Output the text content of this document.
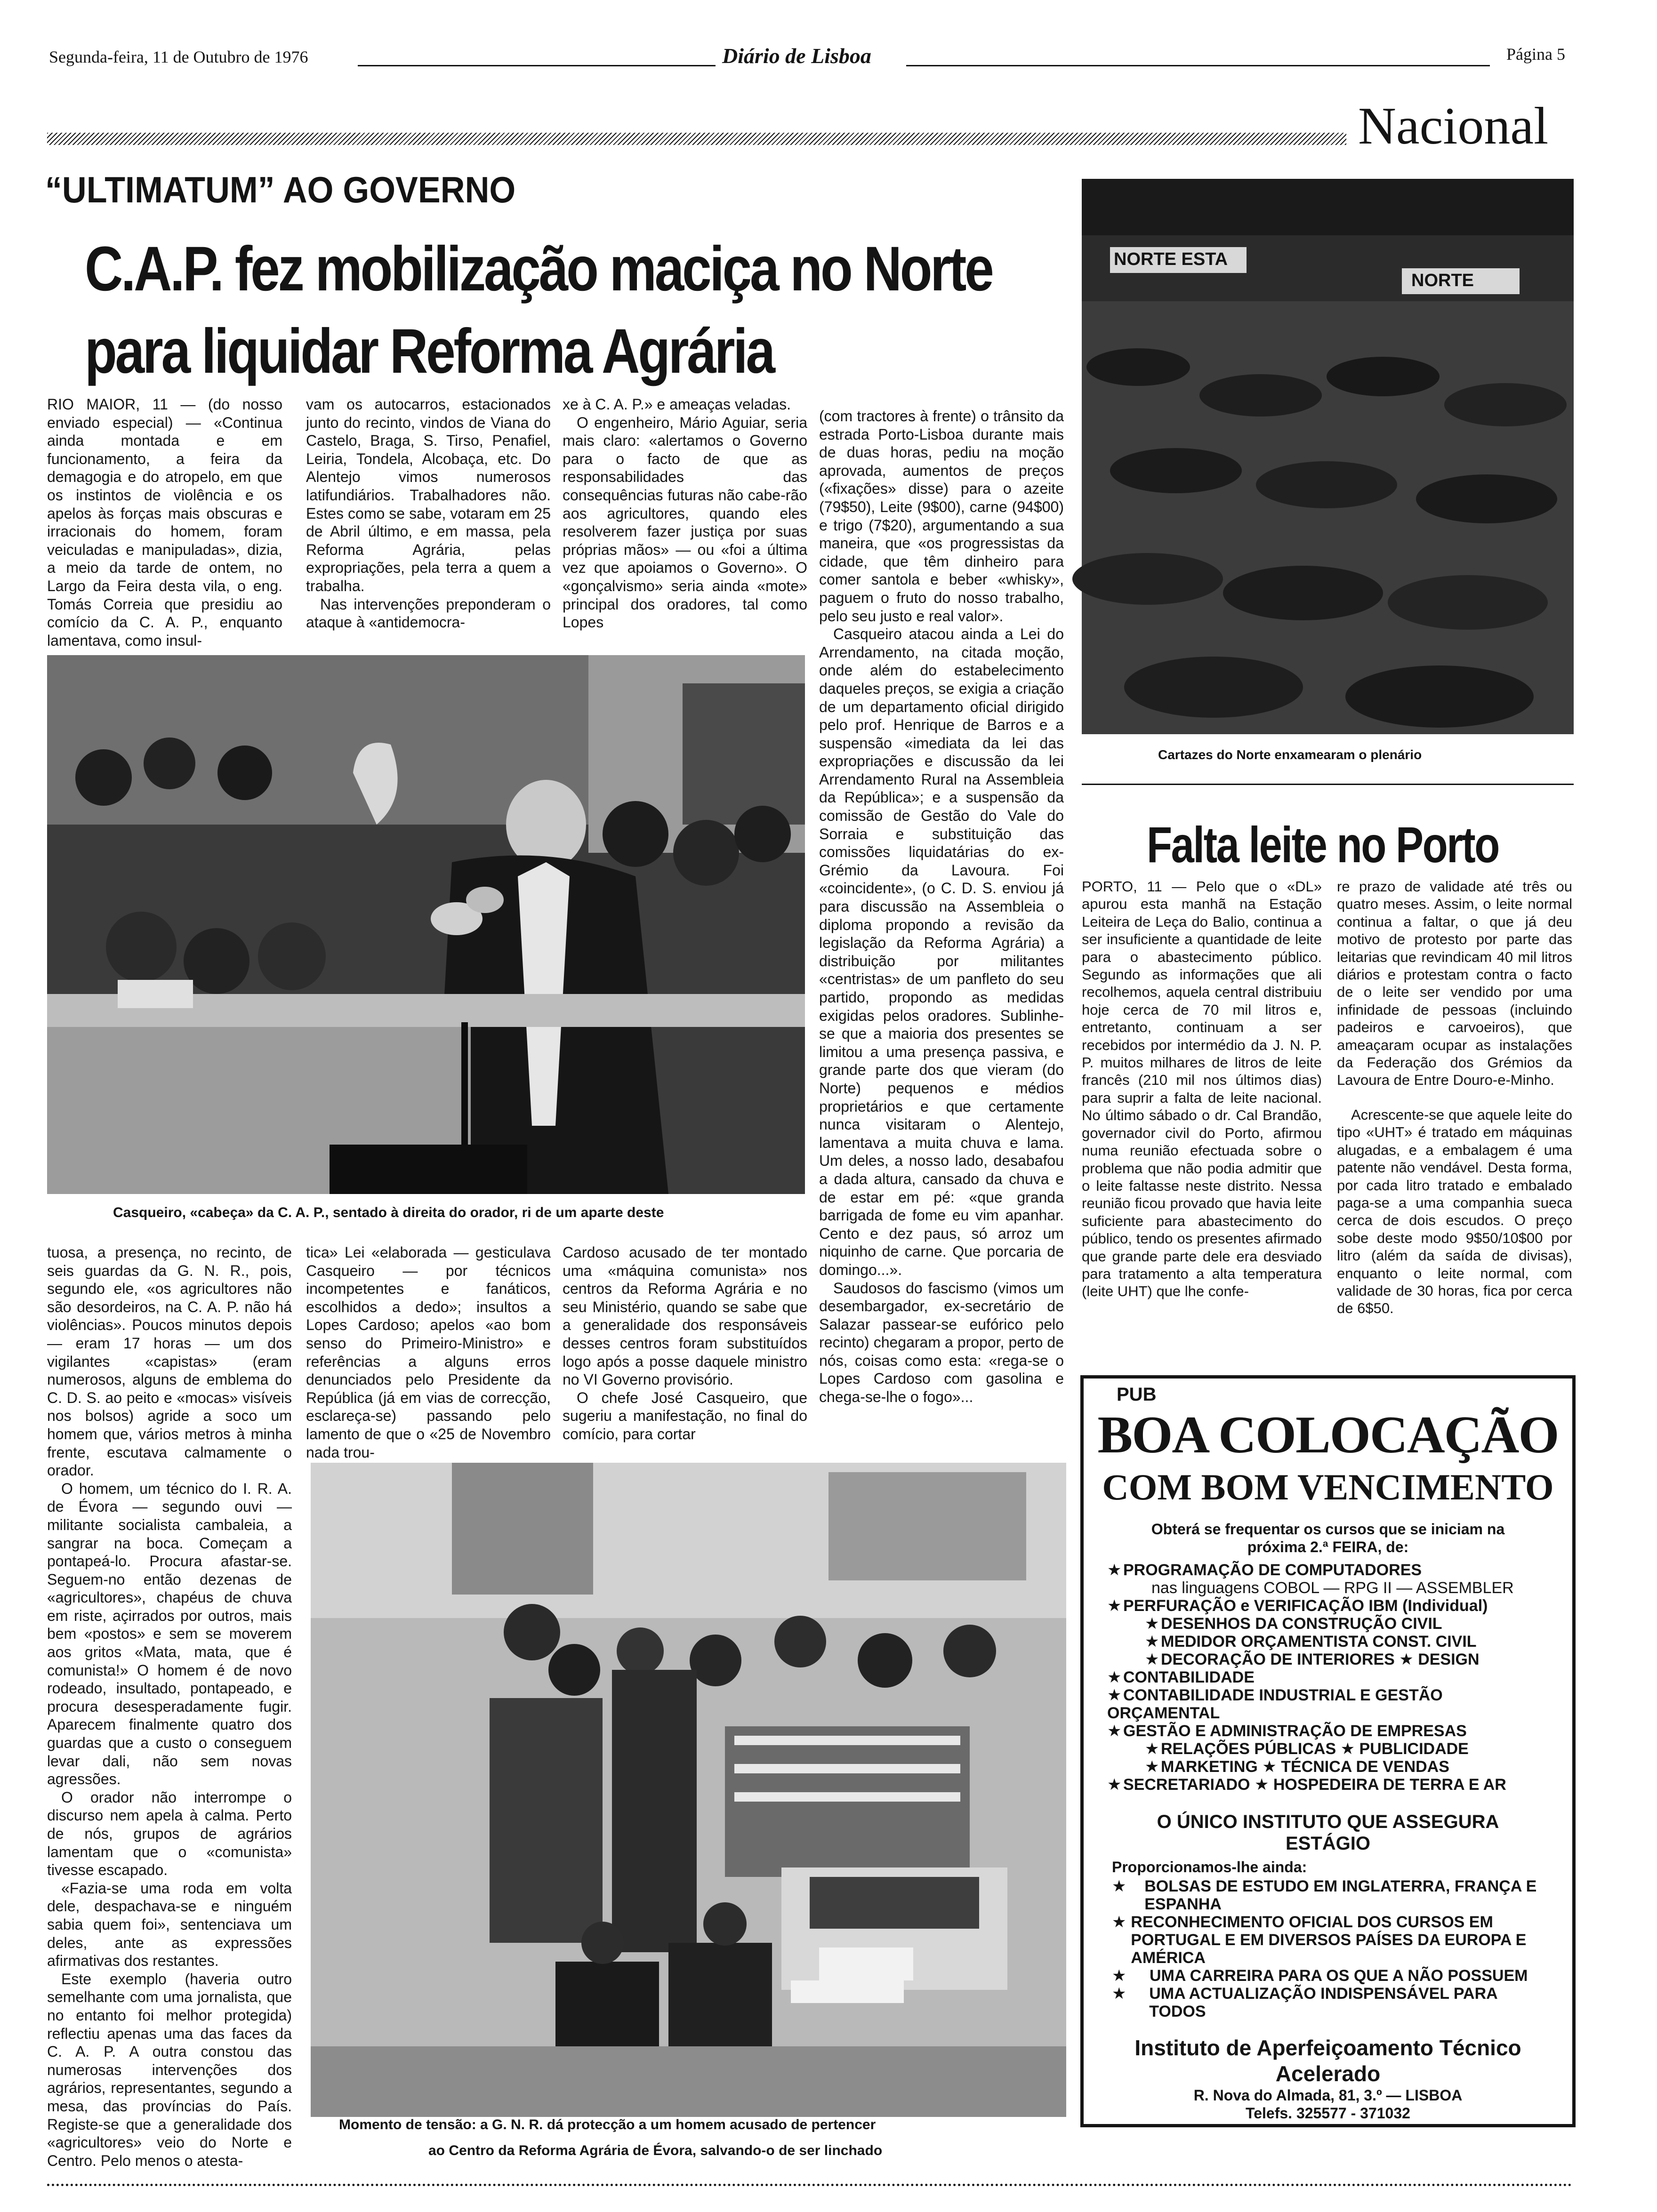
Segunda-feira, 11 de Outubro de 1976	Diário de Lisboa	Página 5
Nacional
“ULTIMATUM” AO GOVERNO
C.A.P. fez mobilização maciça no Norte
para liquidar Reforma Agrária

RIO MAIOR, 11 — (do nosso enviado especial) — «Continua ainda montada e em funcionamento, a feira da demagogia e do atropelo, em que os instintos de violência e os apelos às forças mais obscuras e irracionais do homem, foram veiculadas e manipuladas», dizia, a meio da tarde de ontem, no Largo da Feira desta vila, o eng. Tomás Correia que presidiu ao comício da C. A. P., enquanto lamentava, como insul-

vam os autocarros, estacionados junto do recinto, vindos de Viana do Castelo, Braga, S. Tirso, Penafiel, Leiria, Tondela, Alcobaça, etc. Do Alentejo vimos numerosos latifundiários. Trabalhadores não. Estes como se sabe, votaram em 25 de Abril último, e em massa, pela Reforma Agrária, pelas expropriações, pela terra a quem a trabalha.
Nas intervenções preponderam o ataque à «antidemocra-

xe à C. A. P.» e ameaças veladas.
O engenheiro, Mário Aguiar, seria mais claro: «alertamos o Governo para o facto de que as responsabilidades das consequências futuras não cabe-rão aos agricultores, quando eles resolverem fazer justiça por suas próprias mãos» — ou «foi a última vez que apoiamos o Governo». O «gonçalvismo» seria ainda «mote» principal dos oradores, tal como Lopes

(com tractores à frente) o trânsito da estrada Porto-Lisboa durante mais de duas horas, pediu na moção aprovada, aumentos de preços («fixações» disse) para o azeite (79$50), Leite (9$00), carne (94$00) e trigo (7$20), argumentando a sua maneira, que «os progressistas da cidade, que têm dinheiro para comer santola e beber «whisky», paguem o fruto do nosso trabalho, pelo seu justo e real valor».
Casqueiro atacou ainda a Lei do Arrendamento, na citada moção, onde além do estabelecimento daqueles preços, se exigia a criação de um departamento oficial dirigido pelo prof. Henrique de Barros e a suspensão «imediata da lei das expropriações e discussão da lei Arrendamento Rural na Assembleia da República»; e a suspensão da comissão de Gestão do Vale do Sorraia e substituição das comissões liquidatárias do ex-Grémio da Lavoura. Foi «coincidente», (o C. D. S. enviou já para discussão na Assembleia o diploma propondo a revisão da legislação da Reforma Agrária) a distribuição por militantes «centristas» de um panfleto do seu partido, propondo as medidas exigidas pelos oradores. Sublinhe-se que a maioria dos presentes se limitou a uma presença passiva, e grande parte dos que vieram (do Norte) pequenos e médios proprietários e que certamente nunca visitaram o Alentejo, lamentava a muita chuva e lama. Um deles, a nosso lado, desabafou a dada altura, cansado da chuva e de estar em pé: «que granda barrigada de fome eu vim apanhar. Cento e dez paus, só arroz um niquinho de carne. Que porcaria de domingo...».
Saudosos do fascismo (vimos um desembargador, ex-secretário de Salazar passear-se eufórico pelo recinto) chegaram a propor, perto de nós, coisas como esta: «rega-se o Lopes Cardoso com gasolina e chega-se-lhe o fogo»...

Casqueiro, «cabeça» da C. A. P., sentado à direita do orador, ri de um aparte deste

tuosa, a presença, no recinto, de seis guardas da G. N. R., pois, segundo ele, «os agricultores não são desordeiros, na C. A. P. não há violências». Poucos minutos depois — eram 17 horas — um dos vigilantes «capistas» (eram numerosos, alguns de emblema do C. D. S. ao peito e «mocas» visíveis nos bolsos) agride a soco um homem que, vários metros à minha frente, escutava calmamente o orador.
O homem, um técnico do I. R. A. de Évora — segundo ouvi — militante socialista cambaleia, a sangrar na boca. Começam a pontapeá-lo. Procura afastar-se. Seguem-no então dezenas de «agricultores», chapéus de chuva em riste, açirrados por outros, mais bem «postos» e sem se moverem aos gritos «Mata, mata, que é comunista!» O homem é de novo rodeado, insultado, pontapeado, e procura desesperadamente fugir. Aparecem finalmente quatro dos guardas que a custo o conseguem levar dali, não sem novas agressões.
O orador não interrompe o discurso nem apela à calma. Perto de nós, grupos de agrários lamentam que o «comunista» tivesse escapado.
«Fazia-se uma roda em volta dele, despachava-se e ninguém sabia quem foi», sentenciava um deles, ante as expressões afirmativas dos restantes.
Este exemplo (haveria outro semelhante com uma jornalista, que no entanto foi melhor protegida) reflectiu apenas uma das faces da C. A. P. A outra constou das numerosas intervenções dos agrários, representantes, segundo a mesa, das províncias do País. Registe-se que a generalidade dos «agricultores» veio do Norte e Centro. Pelo menos o atesta-

tica» Lei «elaborada — gesticulava Casqueiro — por técnicos incompetentes e fanáticos, escolhidos a dedo»; insultos a Lopes Cardoso; apelos «ao bom senso do Primeiro-Ministro» e referências a alguns erros denunciados pelo Presidente da República (já em vias de correcção, esclareça-se) passando pelo lamento de que o «25 de Novembro nada trou-

Cardoso acusado de ter montado uma «máquina comunista» nos centros da Reforma Agrária e no seu Ministério, quando se sabe que a generalidade dos responsáveis desses centros foram substituídos logo após a posse daquele ministro no VI Governo provisório.
O chefe José Casqueiro, que sugeriu a manifestação, no final do comício, para cortar

Momento de tensão: a G. N. R. dá protecção a um homem acusado de pertencer
ao Centro da Reforma Agrária de Évora, salvando-o de ser linchado
NORTE ESTA
NORTE
Cartazes do Norte enxamearam o plenário
Falta leite no Porto

PORTO, 11 — Pelo que o «DL» apurou esta manhã na Estação Leiteira de Leça do Balio, continua a ser insuficiente a quantidade de leite para o abastecimento público. Segundo as informações que ali recolhemos, aquela central distribuiu hoje cerca de 70 mil litros e, entretanto, continuam a ser recebidos por intermédio da J. N. P. P. muitos milhares de litros de leite francês (210 mil nos últimos dias) para suprir a falta de leite nacional. No último sábado o dr. Cal Brandão, governador civil do Porto, afirmou numa reunião efectuada sobre o problema que não podia admitir que o leite faltasse neste distrito. Nessa reunião ficou provado que havia leite suficiente para abastecimento do público, tendo os presentes afirmado que grande parte dele era desviado para tratamento a alta temperatura (leite UHT) que lhe confe-

re prazo de validade até três ou quatro meses. Assim, o leite normal continua a faltar, o que já deu motivo de protesto por parte das leitarias que revindicam 40 mil litros diários e protestam contra o facto de o leite ser vendido por uma infinidade de pessoas (incluindo padeiros e carvoeiros), que ameaçaram ocupar as instalações da Federação dos Grémios da Lavoura de Entre Douro-e-Minho.
Acrescente-se que aquele leite do tipo «UHT» é tratado em máquinas alugadas, e a embalagem é uma patente não vendável. Desta forma, por cada litro tratado e embalado paga-se a uma companhia sueca cerca de dois escudos. O preço sobe deste modo 9$50/10$00 por litro (além da saída de divisas), enquanto o leite normal, com validade de 30 horas, fica por cerca de 6$50.

PUB
BOA COLOCAÇÃO
COM BOM VENCIMENTO
Obterá se frequentar os cursos que se iniciam na
próxima 2.ª FEIRA, de:
★ PROGRAMAÇÃO DE COMPUTADORES
nas linguagens COBOL — RPG II — ASSEMBLER
★ PERFURAÇÃO e VERIFICAÇÃO IBM (Individual)
★ DESENHOS DA CONSTRUÇÃO CIVIL
★ MEDIDOR ORÇAMENTISTA CONST. CIVIL
★ DECORAÇÃO DE INTERIORES ★ DESIGN
★ CONTABILIDADE
★ CONTABILIDADE INDUSTRIAL E GESTÃO ORÇAMENTAL
★ GESTÃO E ADMINISTRAÇÃO DE EMPRESAS
★ RELAÇÕES PÚBLICAS ★ PUBLICIDADE
★ MARKETING ★ TÉCNICA DE VENDAS
★ SECRETARIADO ★ HOSPEDEIRA DE TERRA E AR
O ÚNICO INSTITUTO QUE ASSEGURA
ESTÁGIO
Proporcionamos-lhe ainda:
★	BOLSAS DE ESTUDO EM INGLATERRA, FRANÇA E ESPANHA
★ RECONHECIMENTO OFICIAL DOS CURSOS EM PORTUGAL E EM DIVERSOS PAÍSES DA EUROPA E AMÉRICA
★	UMA CARREIRA PARA OS QUE A NÃO POSSUEM
★	UMA ACTUALIZAÇÃO INDISPENSÁVEL PARA TODOS
Instituto de Aperfeiçoamento Técnico
Acelerado
R. Nova do Almada, 81, 3.º — LISBOA
Telefs. 325577 - 371032
